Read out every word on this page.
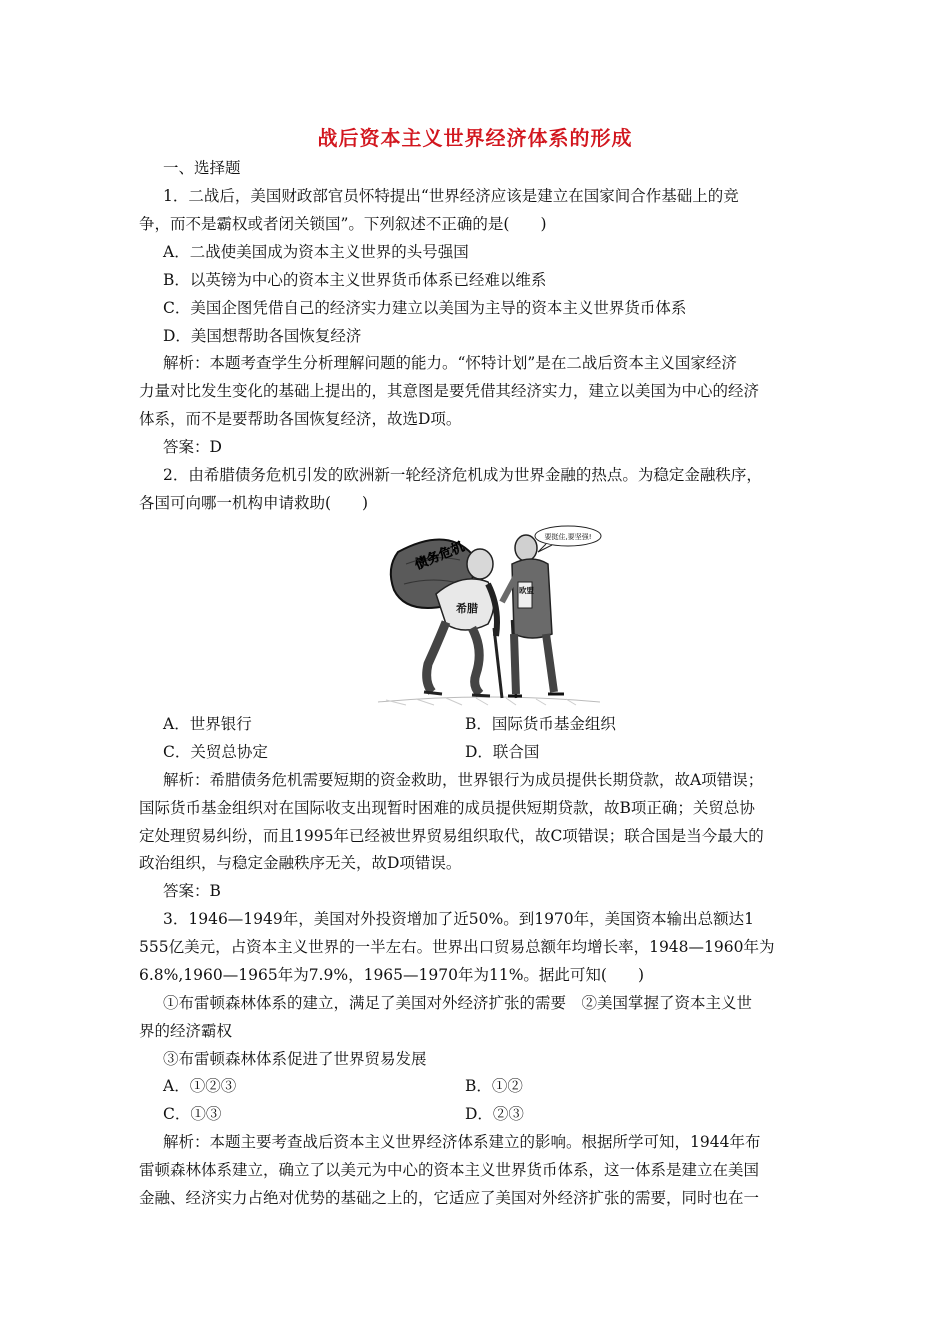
战后资本主义世界经济体系的形成
一、选择题
1．二战后，美国财政部官员怀特提出“世界经济应该是建立在国家间合作基础上的竞
争，而不是霸权或者闭关锁国”。下列叙述不正确的是(　　)
A．二战使美国成为资本主义世界的头号强国
B．以英镑为中心的资本主义世界货币体系已经难以维系
C．美国企图凭借自己的经济实力建立以美国为主导的资本主义世界货币体系
D．美国想帮助各国恢复经济
解析：本题考查学生分析理解问题的能力。“怀特计划”是在二战后资本主义国家经济
力量对比发生变化的基础上提出的，其意图是要凭借其经济实力，建立以美国为中心的经济
体系，而不是要帮助各国恢复经济，故选D项。
答案：D
2．由希腊债务危机引发的欧洲新一轮经济危机成为世界金融的热点。为稳定金融秩序，
各国可向哪一机构申请救助(　　)
债务危机
希腊
欧盟
要挺住,要坚强!
A．世界银行	B．国际货币基金组织
C．关贸总协定	D．联合国
解析：希腊债务危机需要短期的资金救助，世界银行为成员提供长期贷款，故A项错误；
国际货币基金组织对在国际收支出现暂时困难的成员提供短期贷款，故B项正确；关贸总协
定处理贸易纠纷，而且1995年已经被世界贸易组织取代，故C项错误；联合国是当今最大的
政治组织，与稳定金融秩序无关，故D项错误。
答案：B
3．1946—1949年，美国对外投资增加了近50%。到1970年，美国资本输出总额达1
555亿美元，占资本主义世界的一半左右。世界出口贸易总额年均增长率，1948—1960年为
6.8%,1960—1965年为7.9%，1965—1970年为11%。据此可知(　　)
①布雷顿森林体系的建立，满足了美国对外经济扩张的需要　②美国掌握了资本主义世
界的经济霸权
③布雷顿森林体系促进了世界贸易发展
A．①②③	B．①②
C．①③	D．②③
解析：本题主要考查战后资本主义世界经济体系建立的影响。根据所学可知，1944年布
雷顿森林体系建立，确立了以美元为中心的资本主义世界货币体系，这一体系是建立在美国
金融、经济实力占绝对优势的基础之上的，它适应了美国对外经济扩张的需要，同时也在一
